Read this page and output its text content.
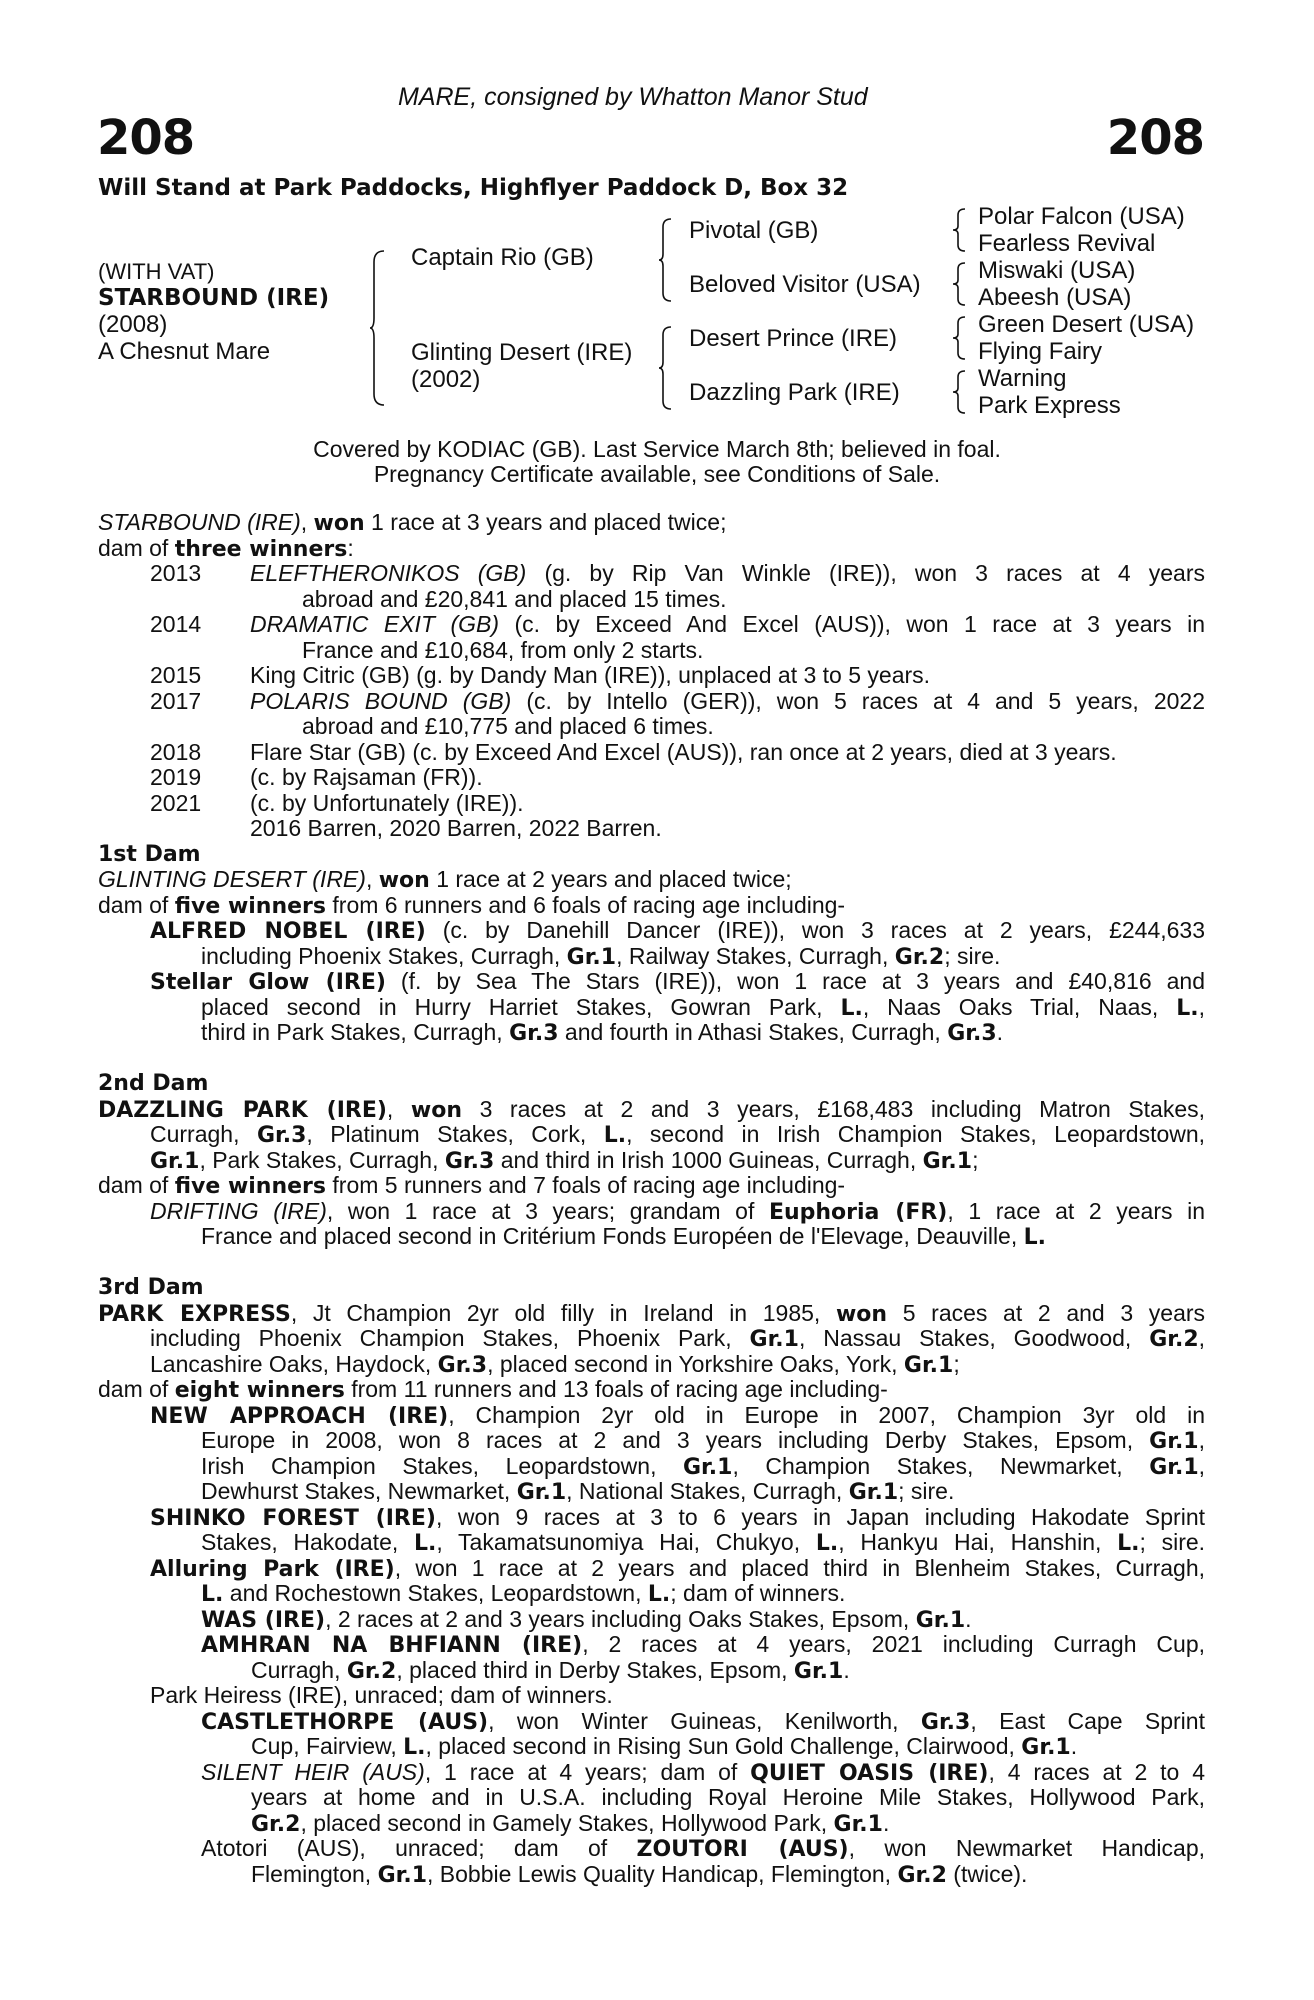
MARE, consigned by Whatton Manor Stud
208	208
Will Stand at Park Paddocks, Highflyer Paddock D, Box 32
(WITH VAT)
STARBOUND (IRE)
(2008)
A Chesnut Mare
Captain Rio (GB)
Glinting Desert (IRE)
(2002)
Pivotal (GB)
Beloved Visitor (USA)
Desert Prince (IRE)
Dazzling Park (IRE)
Polar Falcon (USA)
Fearless Revival
Miswaki (USA)
Abeesh (USA)
Green Desert (USA)
Flying Fairy
Warning
Park Express
Covered by KODIAC (GB). Last Service March 8th; believed in foal.
Pregnancy Certificate available, see Conditions of Sale.
STARBOUND (IRE), won 1 race at 3 years and placed twice;
dam of three winners:
2013 ELEFTHERONIKOS (GB) (g. by Rip Van Winkle (IRE)), won 3 races at 4 years
abroad and £20,841 and placed 15 times.
2014 DRAMATIC EXIT (GB) (c. by Exceed And Excel (AUS)), won 1 race at 3 years in
France and £10,684, from only 2 starts.
2015 King Citric (GB) (g. by Dandy Man (IRE)), unplaced at 3 to 5 years.
2017 POLARIS BOUND (GB) (c. by Intello (GER)), won 5 races at 4 and 5 years, 2022
abroad and £10,775 and placed 6 times.
2018 Flare Star (GB) (c. by Exceed And Excel (AUS)), ran once at 2 years, died at 3 years.
2019 (c. by Rajsaman (FR)).
2021 (c. by Unfortunately (IRE)).
2016 Barren, 2020 Barren, 2022 Barren.
1st Dam
GLINTING DESERT (IRE), won 1 race at 2 years and placed twice;
dam of five winners from 6 runners and 6 foals of racing age including-
ALFRED NOBEL (IRE) (c. by Danehill Dancer (IRE)), won 3 races at 2 years, £244,633
including Phoenix Stakes, Curragh, Gr.1, Railway Stakes, Curragh, Gr.2; sire.
Stellar Glow (IRE) (f. by Sea The Stars (IRE)), won 1 race at 3 years and £40,816 and
placed second in Hurry Harriet Stakes, Gowran Park, L., Naas Oaks Trial, Naas, L.,
third in Park Stakes, Curragh, Gr.3 and fourth in Athasi Stakes, Curragh, Gr.3.
2nd Dam
DAZZLING PARK (IRE), won 3 races at 2 and 3 years, £168,483 including Matron Stakes,
Curragh, Gr.3, Platinum Stakes, Cork, L., second in Irish Champion Stakes, Leopardstown,
Gr.1, Park Stakes, Curragh, Gr.3 and third in Irish 1000 Guineas, Curragh, Gr.1;
dam of five winners from 5 runners and 7 foals of racing age including-
DRIFTING (IRE), won 1 race at 3 years; grandam of Euphoria (FR), 1 race at 2 years in
France and placed second in Critérium Fonds Européen de l'Elevage, Deauville, L.
3rd Dam
PARK EXPRESS, Jt Champion 2yr old filly in Ireland in 1985, won 5 races at 2 and 3 years
including Phoenix Champion Stakes, Phoenix Park, Gr.1, Nassau Stakes, Goodwood, Gr.2,
Lancashire Oaks, Haydock, Gr.3, placed second in Yorkshire Oaks, York, Gr.1;
dam of eight winners from 11 runners and 13 foals of racing age including-
NEW APPROACH (IRE), Champion 2yr old in Europe in 2007, Champion 3yr old in
Europe in 2008, won 8 races at 2 and 3 years including Derby Stakes, Epsom, Gr.1,
Irish Champion Stakes, Leopardstown, Gr.1, Champion Stakes, Newmarket, Gr.1,
Dewhurst Stakes, Newmarket, Gr.1, National Stakes, Curragh, Gr.1; sire.
SHINKO FOREST (IRE), won 9 races at 3 to 6 years in Japan including Hakodate Sprint
Stakes, Hakodate, L., Takamatsunomiya Hai, Chukyo, L., Hankyu Hai, Hanshin, L.; sire.
Alluring Park (IRE), won 1 race at 2 years and placed third in Blenheim Stakes, Curragh,
L. and Rochestown Stakes, Leopardstown, L.; dam of winners.
WAS (IRE), 2 races at 2 and 3 years including Oaks Stakes, Epsom, Gr.1.
AMHRAN NA BHFIANN (IRE), 2 races at 4 years, 2021 including Curragh Cup,
Curragh, Gr.2, placed third in Derby Stakes, Epsom, Gr.1.
Park Heiress (IRE), unraced; dam of winners.
CASTLETHORPE (AUS), won Winter Guineas, Kenilworth, Gr.3, East Cape Sprint
Cup, Fairview, L., placed second in Rising Sun Gold Challenge, Clairwood, Gr.1.
SILENT HEIR (AUS), 1 race at 4 years; dam of QUIET OASIS (IRE), 4 races at 2 to 4
years at home and in U.S.A. including Royal Heroine Mile Stakes, Hollywood Park,
Gr.2, placed second in Gamely Stakes, Hollywood Park, Gr.1.
Atotori (AUS), unraced; dam of ZOUTORI (AUS), won Newmarket Handicap,
Flemington, Gr.1, Bobbie Lewis Quality Handicap, Flemington, Gr.2 (twice).
